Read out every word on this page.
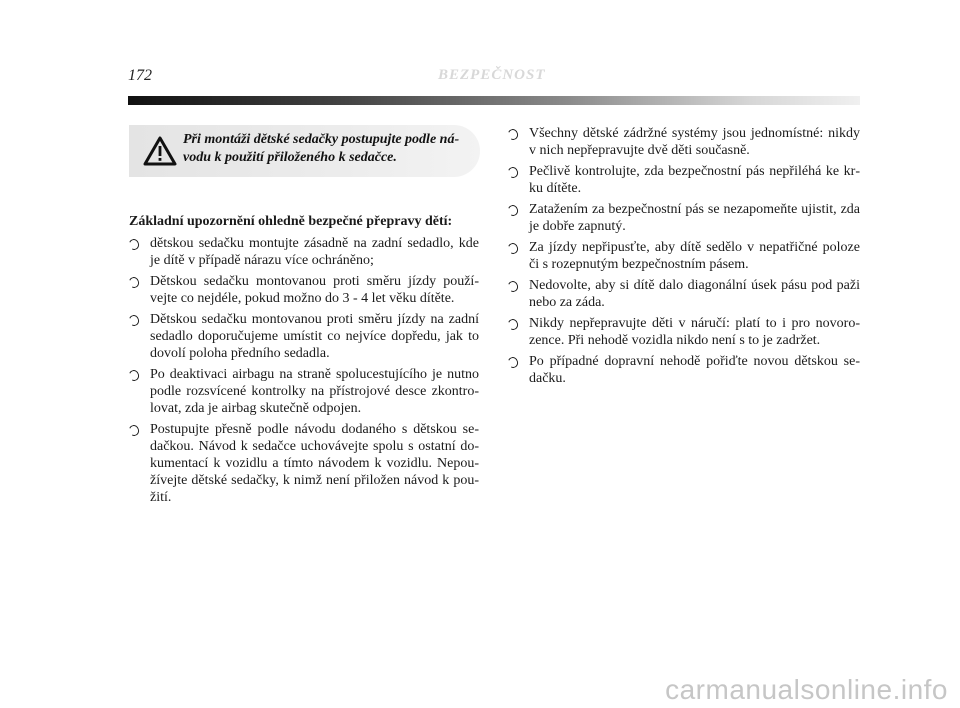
172	BEZPEČNOST
Při montáži dětské sedačky postupujte podle návodu k použití přiloženého k sedačce.
Základní upozornění ohledně bezpečné přepravy dětí:
dětskou sedačku montujte zásadně na zadní sedadlo, kde je dítě v případě nárazu více ochráněno;
Dětskou sedačku montovanou proti směru jízdy používejte co nejdéle, pokud možno do 3 - 4 let věku dítěte.
Dětskou sedačku montovanou proti směru jízdy na zadní sedadlo doporučujeme umístit co nejvíce dopředu, jak to dovolí poloha předního sedadla.
Po deaktivaci airbagu na straně spolucestujícího je nutno podle rozsvícené kontrolky na přístrojové desce zkontrolovat, zda je airbag skutečně odpojen.
Postupujte přesně podle návodu dodaného s dětskou sedačkou. Návod k sedačce uchovávejte spolu s ostatní dokumentací k vozidlu a tímto návodem k vozidlu. Nepoužívejte dětské sedačky, k nimž není přiložen návod k použití.
Všechny dětské zádržné systémy jsou jednomístné: nikdy v nich nepřepravujte dvě děti současně.
Pečlivě kontrolujte, zda bezpečnostní pás nepřiléhá ke krku dítěte.
Zatažením za bezpečnostní pás se nezapomeňte ujistit, zda je dobře zapnutý.
Za jízdy nepřipusťte, aby dítě sedělo v nepatřičné poloze či s rozepnutým bezpečnostním pásem.
Nedovolte, aby si dítě dalo diagonální úsek pásu pod paži nebo za záda.
Nikdy nepřepravujte děti v náručí: platí to i pro novorozence. Při nehodě vozidla nikdo není s to je zadržet.
Po případné dopravní nehodě pořiďte novou dětskou sedačku.
carmanualsonline.info
